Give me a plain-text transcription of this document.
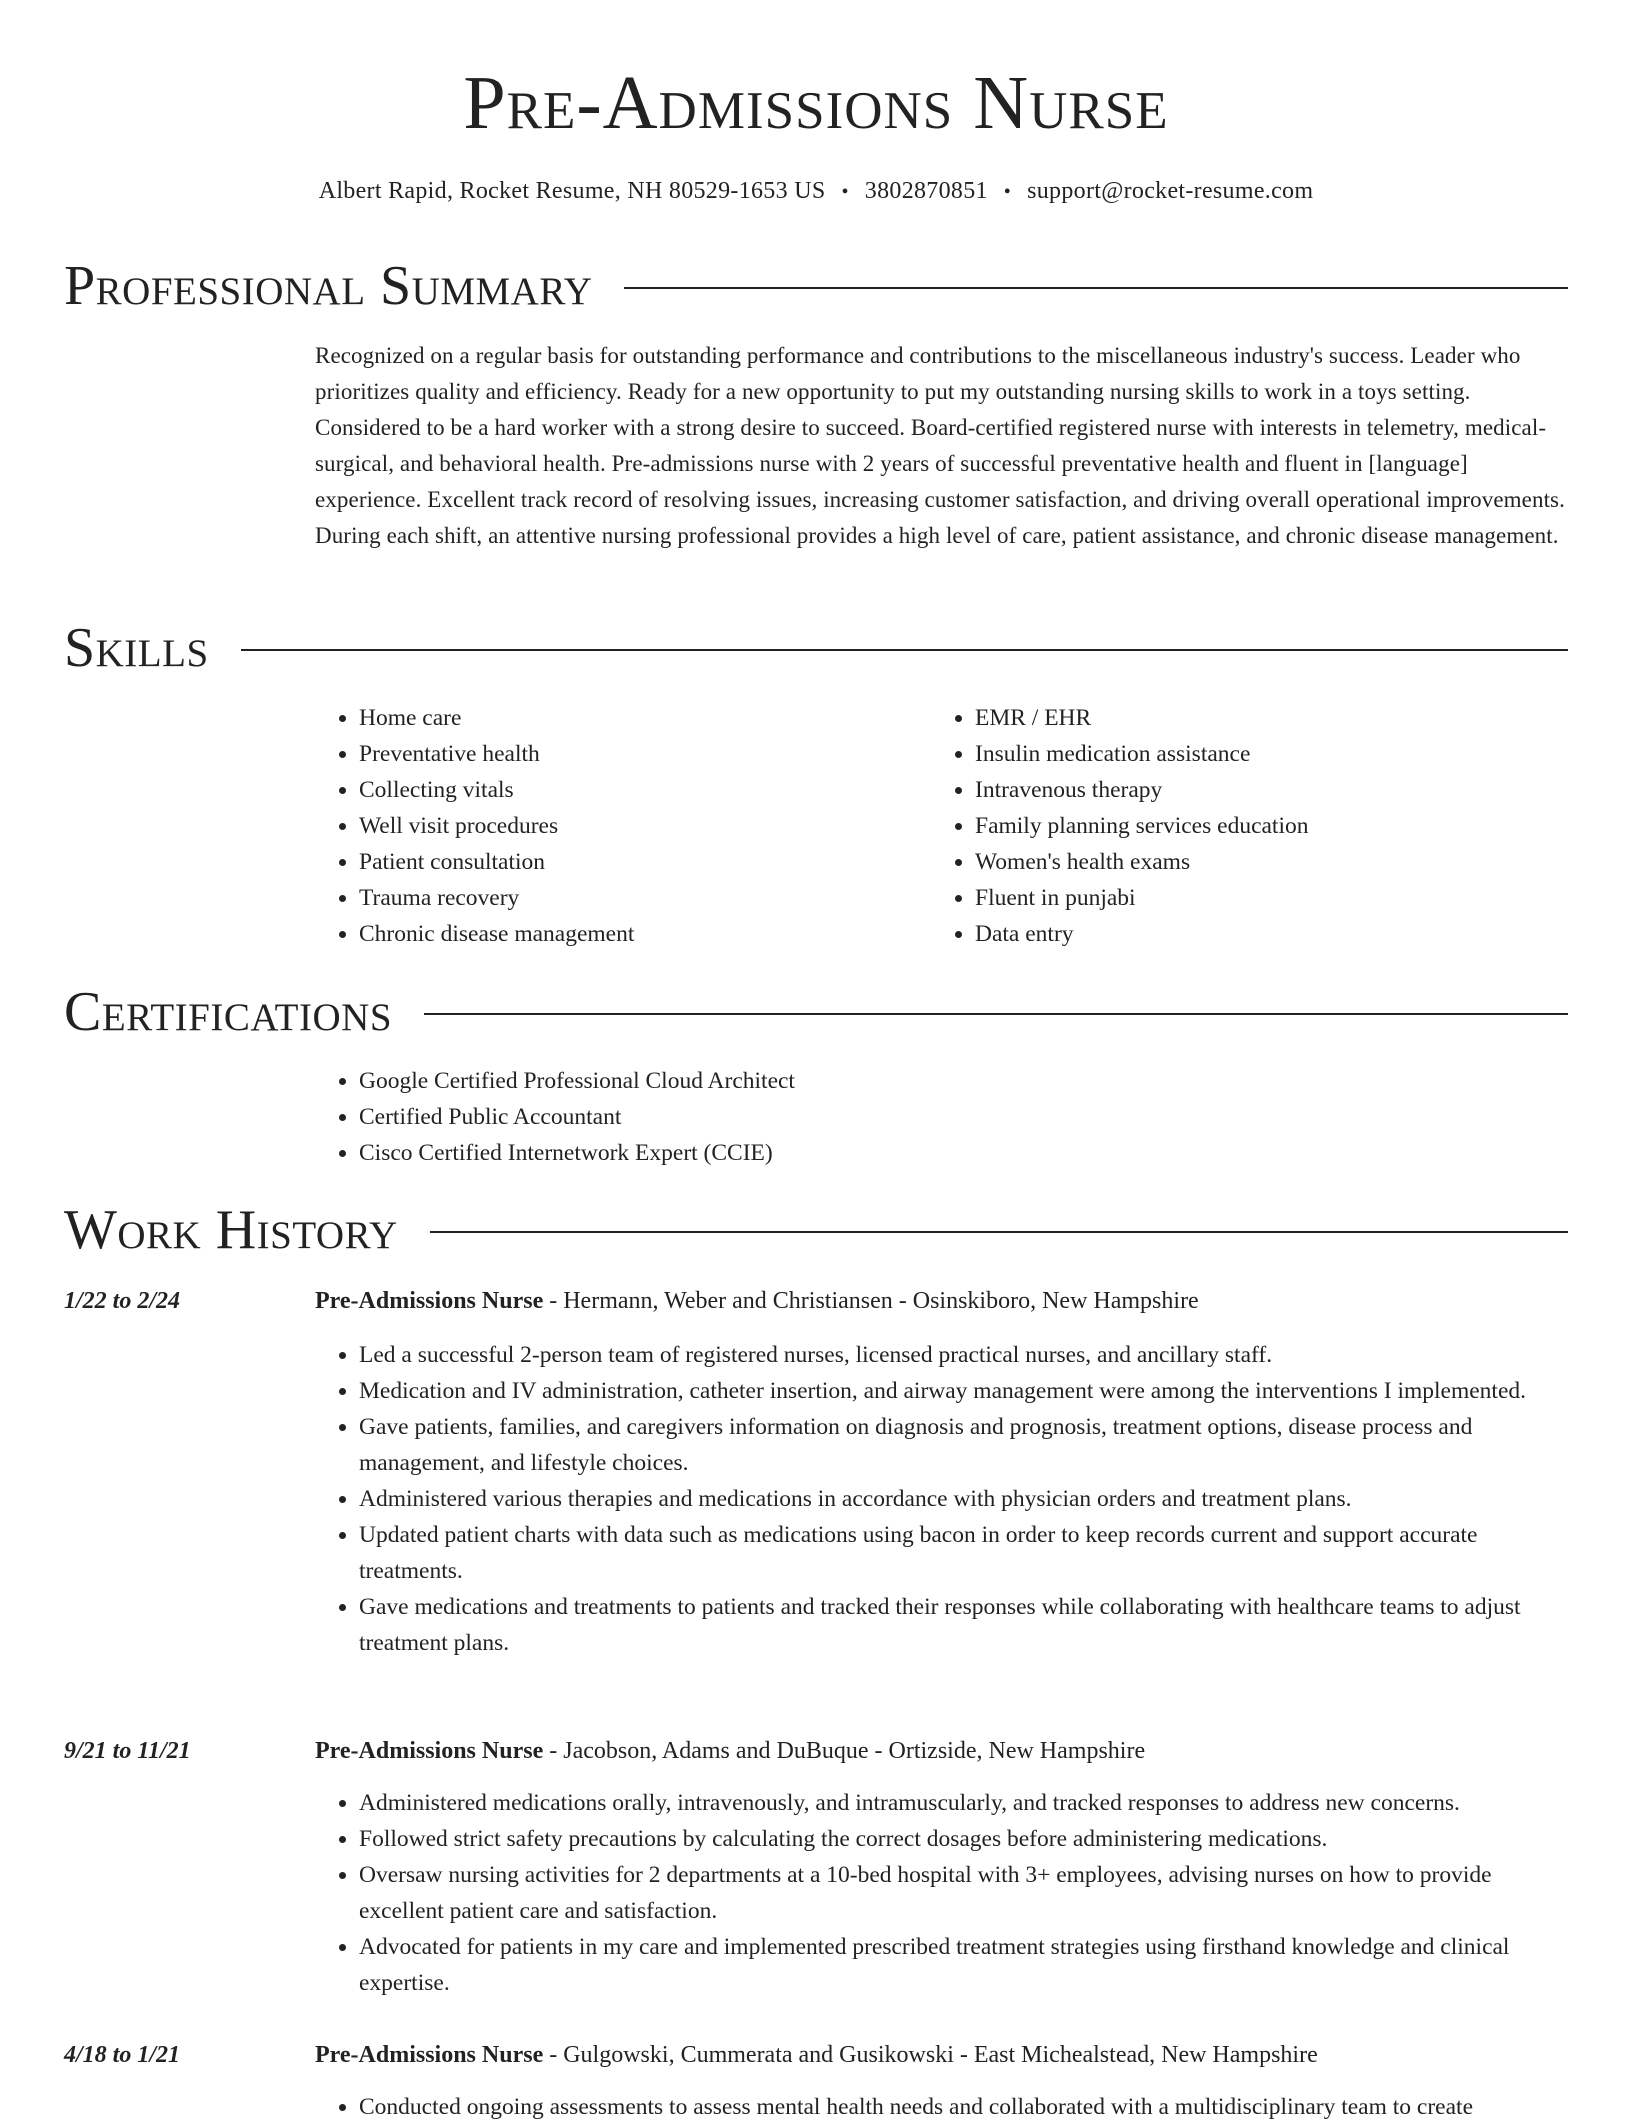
Pre-Admissions Nurse
Albert Rapid, Rocket Resume, NH 80529-1653 US • 3802870851 • support@rocket-resume.com
Professional Summary

Recognized on a regular basis for outstanding performance and contributions to the miscellaneous industry's success. Leader who prioritizes quality and efficiency. Ready for a new opportunity to put my outstanding nursing skills to work in a toys setting. Considered to be a hard worker with a strong desire to succeed. Board-certified registered nurse with interests in telemetry, medical-surgical, and behavioral health. Pre-admissions nurse with 2 years of successful preventative health and fluent in [language] experience. Excellent track record of resolving issues, increasing customer satisfaction, and driving overall operational improvements. During each shift, an attentive nursing professional provides a high level of care, patient assistance, and chronic disease management.

Skills
• Home care
• Preventative health
• Collecting vitals
• Well visit procedures
• Patient consultation
• Trauma recovery
• Chronic disease management
• EMR / EHR
• Insulin medication assistance
• Intravenous therapy
• Family planning services education
• Women's health exams
• Fluent in punjabi
• Data entry
Certifications
• Google Certified Professional Cloud Architect
• Certified Public Accountant
• Cisco Certified Internetwork Expert (CCIE)
Work History
1/22 to 2/24	Pre-Admissions Nurse - Hermann, Weber and Christiansen - Osinskiboro, New Hampshire
• Led a successful 2-person team of registered nurses, licensed practical nurses, and ancillary staff.
• Medication and IV administration, catheter insertion, and airway management were among the interventions I implemented.
• Gave patients, families, and caregivers information on diagnosis and prognosis, treatment options, disease process and management, and lifestyle choices.
• Administered various therapies and medications in accordance with physician orders and treatment plans.
• Updated patient charts with data such as medications using bacon in order to keep records current and support accurate treatments.
• Gave medications and treatments to patients and tracked their responses while collaborating with healthcare teams to adjust treatment plans.
9/21 to 11/21	Pre-Admissions Nurse - Jacobson, Adams and DuBuque - Ortizside, New Hampshire
• Administered medications orally, intravenously, and intramuscularly, and tracked responses to address new concerns.
• Followed strict safety precautions by calculating the correct dosages before administering medications.
• Oversaw nursing activities for 2 departments at a 10-bed hospital with 3+ employees, advising nurses on how to provide excellent patient care and satisfaction.
• Advocated for patients in my care and implemented prescribed treatment strategies using firsthand knowledge and clinical expertise.
4/18 to 1/21	Pre-Admissions Nurse - Gulgowski, Cummerata and Gusikowski - East Michealstead, New Hampshire
• Conducted ongoing assessments to assess mental health needs and collaborated with a multidisciplinary team to create
